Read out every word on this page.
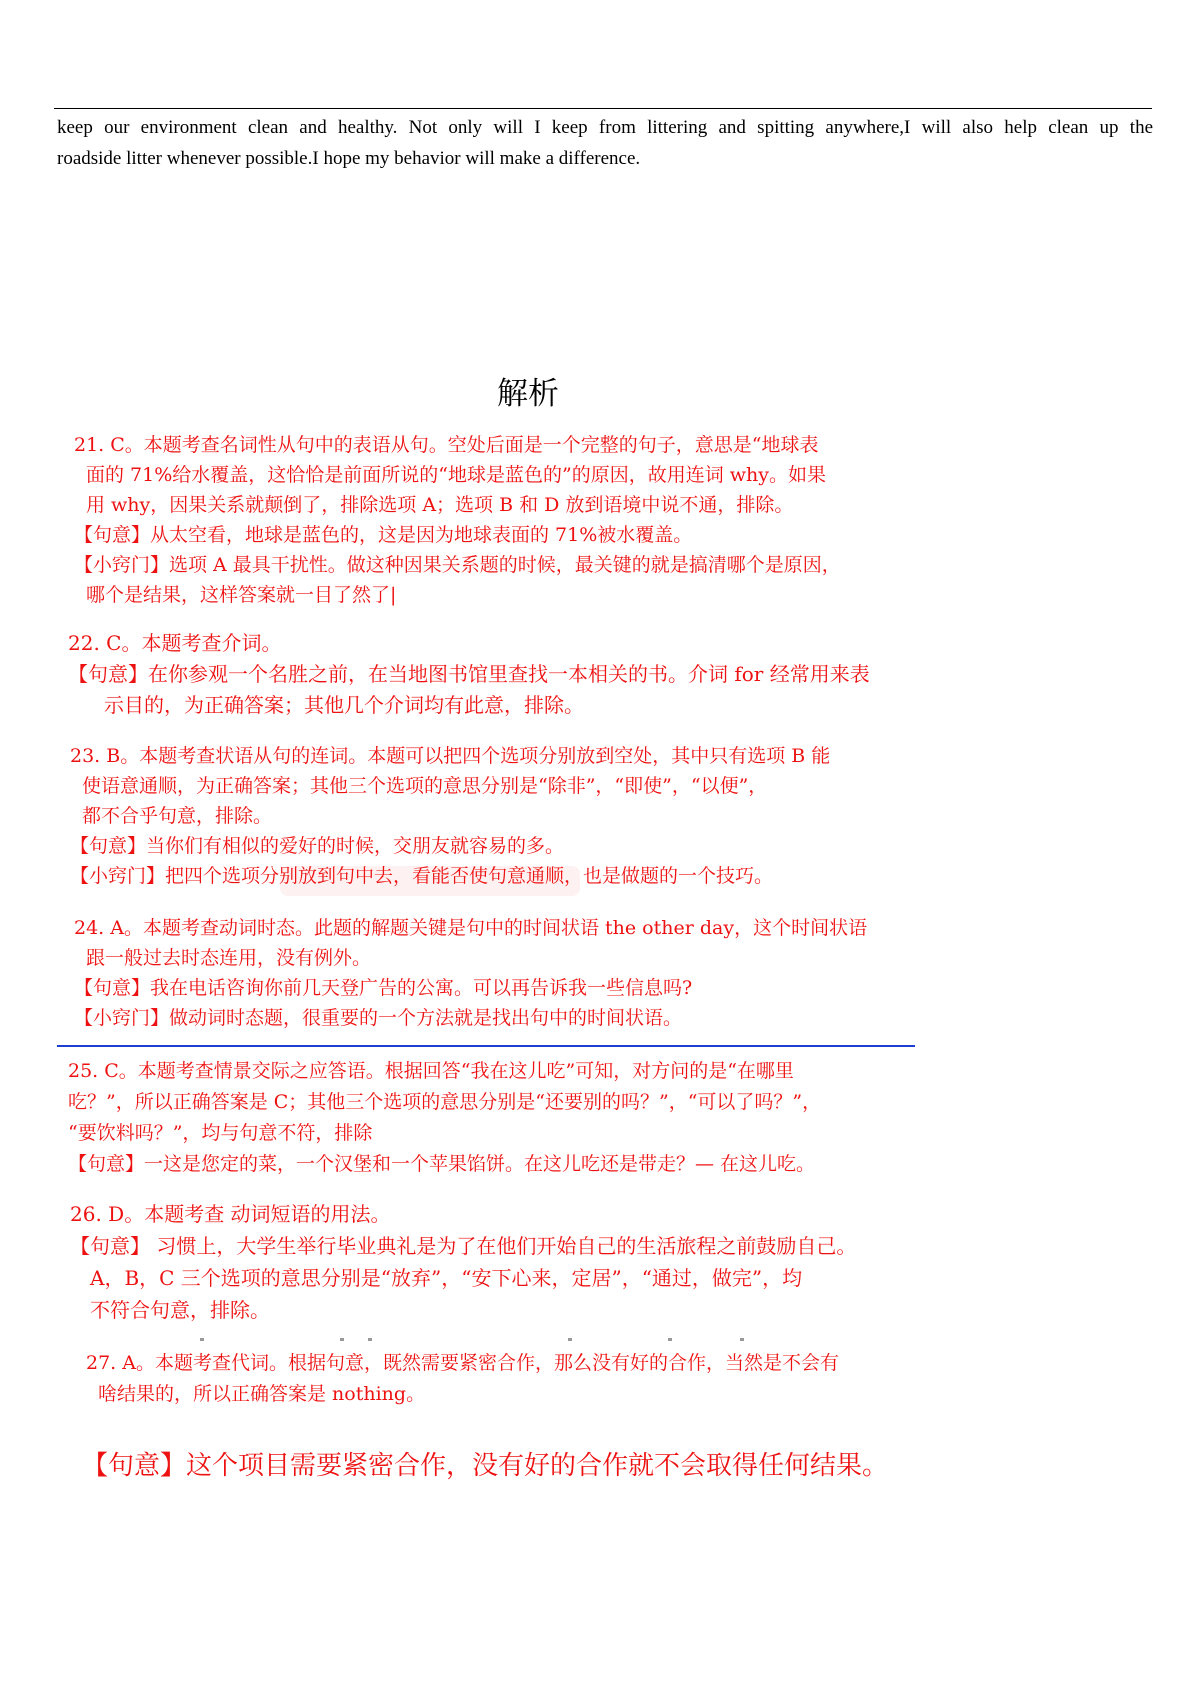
keep our environment clean and healthy. Not only will I keep from littering and spitting anywhere,I will also help clean up the

roadside litter whenever possible.I hope my behavior will make a difference.

解析
21. C。本题考查名词性从句中的表语从句。空处后面是一个完整的句子，意思是“地球表
面的 71%给水覆盖，这恰恰是前面所说的“地球是蓝色的”的原因，故用连词 why。如果
用 why，因果关系就颠倒了，排除选项 A；选项 B 和 D 放到语境中说不通，排除。
【句意】从太空看，地球是蓝色的，这是因为地球表面的 71%被水覆盖。
【小窍门】选项 A 最具干扰性。做这种因果关系题的时候，最关键的就是搞清哪个是原因，
哪个是结果，这样答案就一目了然了|
22. C。本题考查介词。
【句意】在你参观一个名胜之前，在当地图书馆里查找一本相关的书。介词 for 经常用来表
示目的，为正确答案；其他几个介词均有此意，排除。
23. B。本题考查状语从句的连词。本题可以把四个选项分别放到空处，其中只有选项 B 能
使语意通顺，为正确答案；其他三个选项的意思分别是“除非”，“即使”，“以便”，
都不合乎句意，排除。
【句意】当你们有相似的爱好的时候，交朋友就容易的多。
【小窍门】把四个选项分别放到句中去，看能否使句意通顺，也是做题的一个技巧。
24. A。本题考查动词时态。此题的解题关键是句中的时间状语 the other day，这个时间状语
跟一般过去时态连用，没有例外。
【句意】我在电话咨询你前几天登广告的公寓。可以再告诉我一些信息吗?
【小窍门】做动词时态题，很重要的一个方法就是找出句中的时间状语。
25. C。本题考查情景交际之应答语。根据回答“我在这儿吃”可知，对方问的是“在哪里
吃？”，所以正确答案是 C；其他三个选项的意思分别是“还要别的吗？”，“可以了吗？”，
“要饮料吗？”，均与句意不符，排除
【句意】一这是您定的菜，一个汉堡和一个苹果馅饼。在这儿吃还是带走？— 在这儿吃。
26. D。本题考查 动词短语的用法。
【句意】 习惯上，大学生举行毕业典礼是为了在他们开始自己的生活旅程之前鼓励自己。
A，B，C 三个选项的意思分别是“放弃”，“安下心来，定居”，“通过，做完”，均
不符合句意，排除。
27. A。本题考查代词。根据句意，既然需要紧密合作，那么没有好的合作，当然是不会有
啥结果的，所以正确答案是 nothing。
【句意】这个项目需要紧密合作，没有好的合作就不会取得任何结果。
